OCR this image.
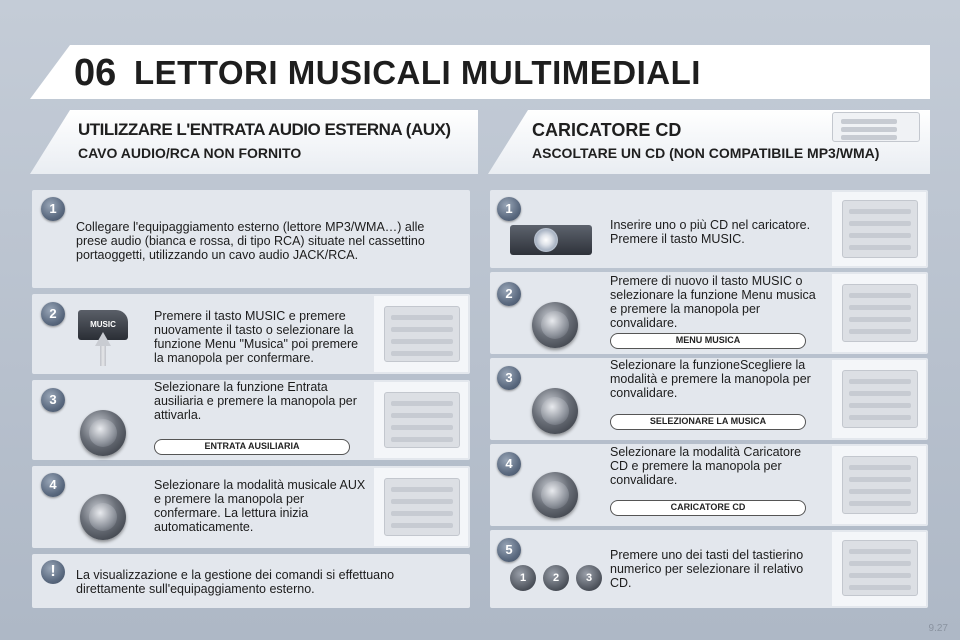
06 LETTORI MUSICALI MULTIMEDIALI
UTILIZZARE L'ENTRATA AUDIO ESTERNA (AUX)
CAVO AUDIO/RCA NON FORNITO
CARICATORE CD
ASCOLTARE UN CD (NON COMPATIBILE MP3/WMA)
1
Collegare l'equipaggiamento esterno (lettore MP3/WMA…) alle prese audio (bianca e rossa, di tipo RCA) situate nel cassettino portaoggetti, utilizzando un cavo audio JACK/RCA.
2
MUSIC
Premere il tasto MUSIC e premere nuovamente il tasto o selezionare la funzione Menu "Musica" poi premere la manopola per confermare.
3
Selezionare la funzione Entrata ausiliaria e premere la manopola per attivarla.
ENTRATA AUSILIARIA
4	Selezionare la modalità musicale AUX e premere la manopola per confermare. La lettura inizia automaticamente.
!	La visualizzazione e la gestione dei comandi si effettuano direttamente sull'equipaggiamento esterno.
1
Inserire uno o più CD nel caricatore. Premere il tasto MUSIC.
2
Premere di nuovo il tasto MUSIC o selezionare la funzione Menu musica e premere la manopola per convalidare.
MENU MUSICA
3
Selezionare la funzioneScegliere la modalità e premere la manopola per convalidare.
SELEZIONARE LA MUSICA
4
Selezionare la modalità Caricatore CD e premere la manopola per convalidare.
CARICATORE CD
5
1	2	3
Premere uno dei tasti del tastierino numerico per selezionare il relativo CD.
9.27
